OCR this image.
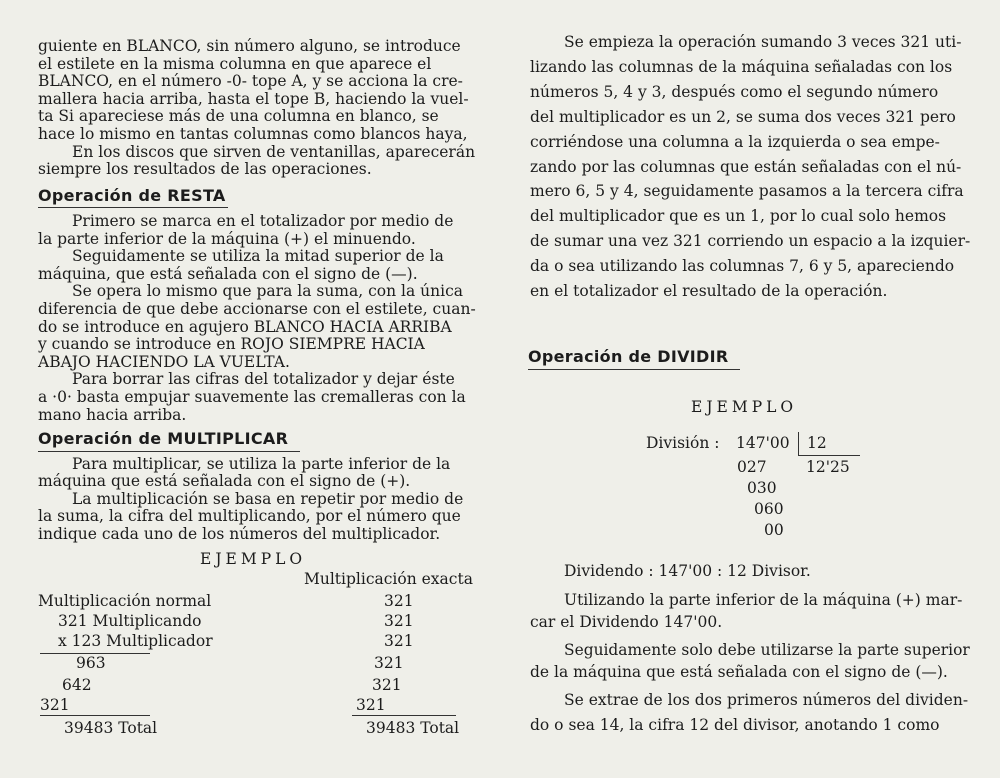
guiente en BLANCO, sin número alguno, se introduce
el estilete en la misma columna en que aparece el
BLANCO, en el número -0- tope A, y se acciona la cre-
mallera hacia arriba, hasta el tope B, haciendo la vuel-
ta Si apareciese más de una columna en blanco, se
hace lo mismo en tantas columnas como blancos haya,
En los discos que sirven de ventanillas, aparecerán
siempre los resultados de las operaciones.
Operación de RESTA
Primero se marca en el totalizador por medio de
la parte inferior de la máquina (+) el minuendo.
Seguidamente se utiliza la mitad superior de la
máquina, que está señalada con el signo de (—).
Se opera lo mismo que para la suma, con la única
diferencia de que debe accionarse con el estilete, cuan-
do se introduce en agujero BLANCO HACIA ARRIBA
y cuando se introduce en ROJO SIEMPRE HACIA
ABAJO HACIENDO LA VUELTA.
Para borrar las cifras del totalizador y dejar éste
a ·0· basta empujar suavemente las cremalleras con la
mano hacia arriba.
Operación de MULTIPLICAR
Para multiplicar, se utiliza la parte inferior de la
máquina que está señalada con el signo de (+).
La multiplicación se basa en repetir por medio de
la suma, la cifra del multiplicando, por el número que
indique cada uno de los números del multiplicador.
EJEMPLO
Multiplicación exacta
Multiplicación normal
321 Multiplicando
x 123 Multiplicador
963
642
321
39483 Total
321
321
321
321
321
321
39483 Total
Se empieza la operación sumando 3 veces 321 uti-
lizando las columnas de la máquina señaladas con los
números 5, 4 y 3, después como el segundo número
del multiplicador es un 2, se suma dos veces 321 pero
corriéndose una columna a la izquierda o sea empe-
zando por las columnas que están señaladas con el nú-
mero 6, 5 y 4, seguidamente pasamos a la tercera cifra
del multiplicador que es un 1, por lo cual solo hemos
de sumar una vez 321 corriendo un espacio a la izquier-
da o sea utilizando las columnas 7, 6 y 5, apareciendo
en el totalizador el resultado de la operación.
Operación de DIVIDIR
EJEMPLO
División : 147'00 12
12'25
027
030
060
00
Dividendo : 147'00 : 12 Divisor.
Utilizando la parte inferior de la máquina (+) mar-
car el Dividendo 147'00.
Seguidamente solo debe utilizarse la parte superior
de la máquina que está señalada con el signo de (—).
Se extrae de los dos primeros números del dividen-
do o sea 14, la cifra 12 del divisor, anotando 1 como
